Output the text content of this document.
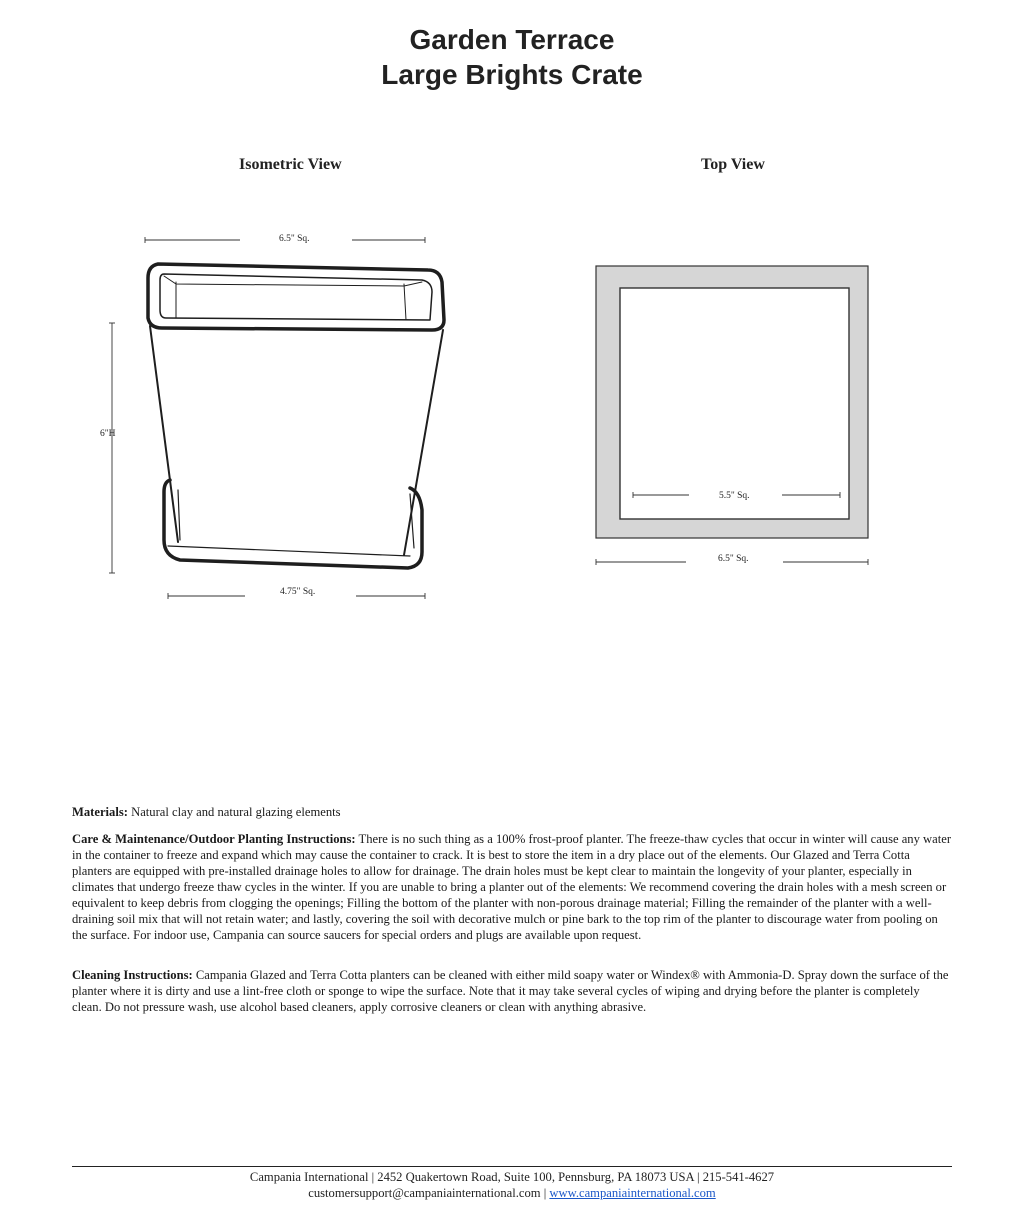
Garden Terrace
Large Brights Crate
Isometric View	Top View
6.5" Sq.
6"H
4.75" Sq.
5.5" Sq.
6.5" Sq.
Materials: Natural clay and natural glazing elements
Care & Maintenance/Outdoor Planting Instructions: There is no such thing as a 100% frost-proof planter. The freeze-thaw cycles that occur in winter will cause any water in the container to freeze and expand which may cause the container to crack. It is best to store the item in a dry place out of the elements. Our Glazed and Terra Cotta planters are equipped with pre-installed drainage holes to allow for drainage. The drain holes must be kept clear to maintain the longevity of your planter, especially in climates that undergo freeze thaw cycles in the winter. If you are unable to bring a planter out of the elements: We recommend covering the drain holes with a mesh screen or equivalent to keep debris from clogging the openings; Filling the bottom of the planter with non-porous drainage material; Filling the remainder of the planter with a well-draining soil mix that will not retain water; and lastly, covering the soil with decorative mulch or pine bark to the top rim of the planter to discourage water from pooling on the surface. For indoor use, Campania can source saucers for special orders and plugs are available upon request.
Cleaning Instructions: Campania Glazed and Terra Cotta planters can be cleaned with either mild soapy water or Windex® with Ammonia-D. Spray down the surface of the planter where it is dirty and use a lint-free cloth or sponge to wipe the surface. Note that it may take several cycles of wiping and drying before the planter is completely clean. Do not pressure wash, use alcohol based cleaners, apply corrosive cleaners or clean with anything abrasive.
Campania International | 2452 Quakertown Road, Suite 100, Pennsburg, PA 18073 USA | 215-541-4627
customersupport@campaniainternational.com | www.campaniainternational.com
